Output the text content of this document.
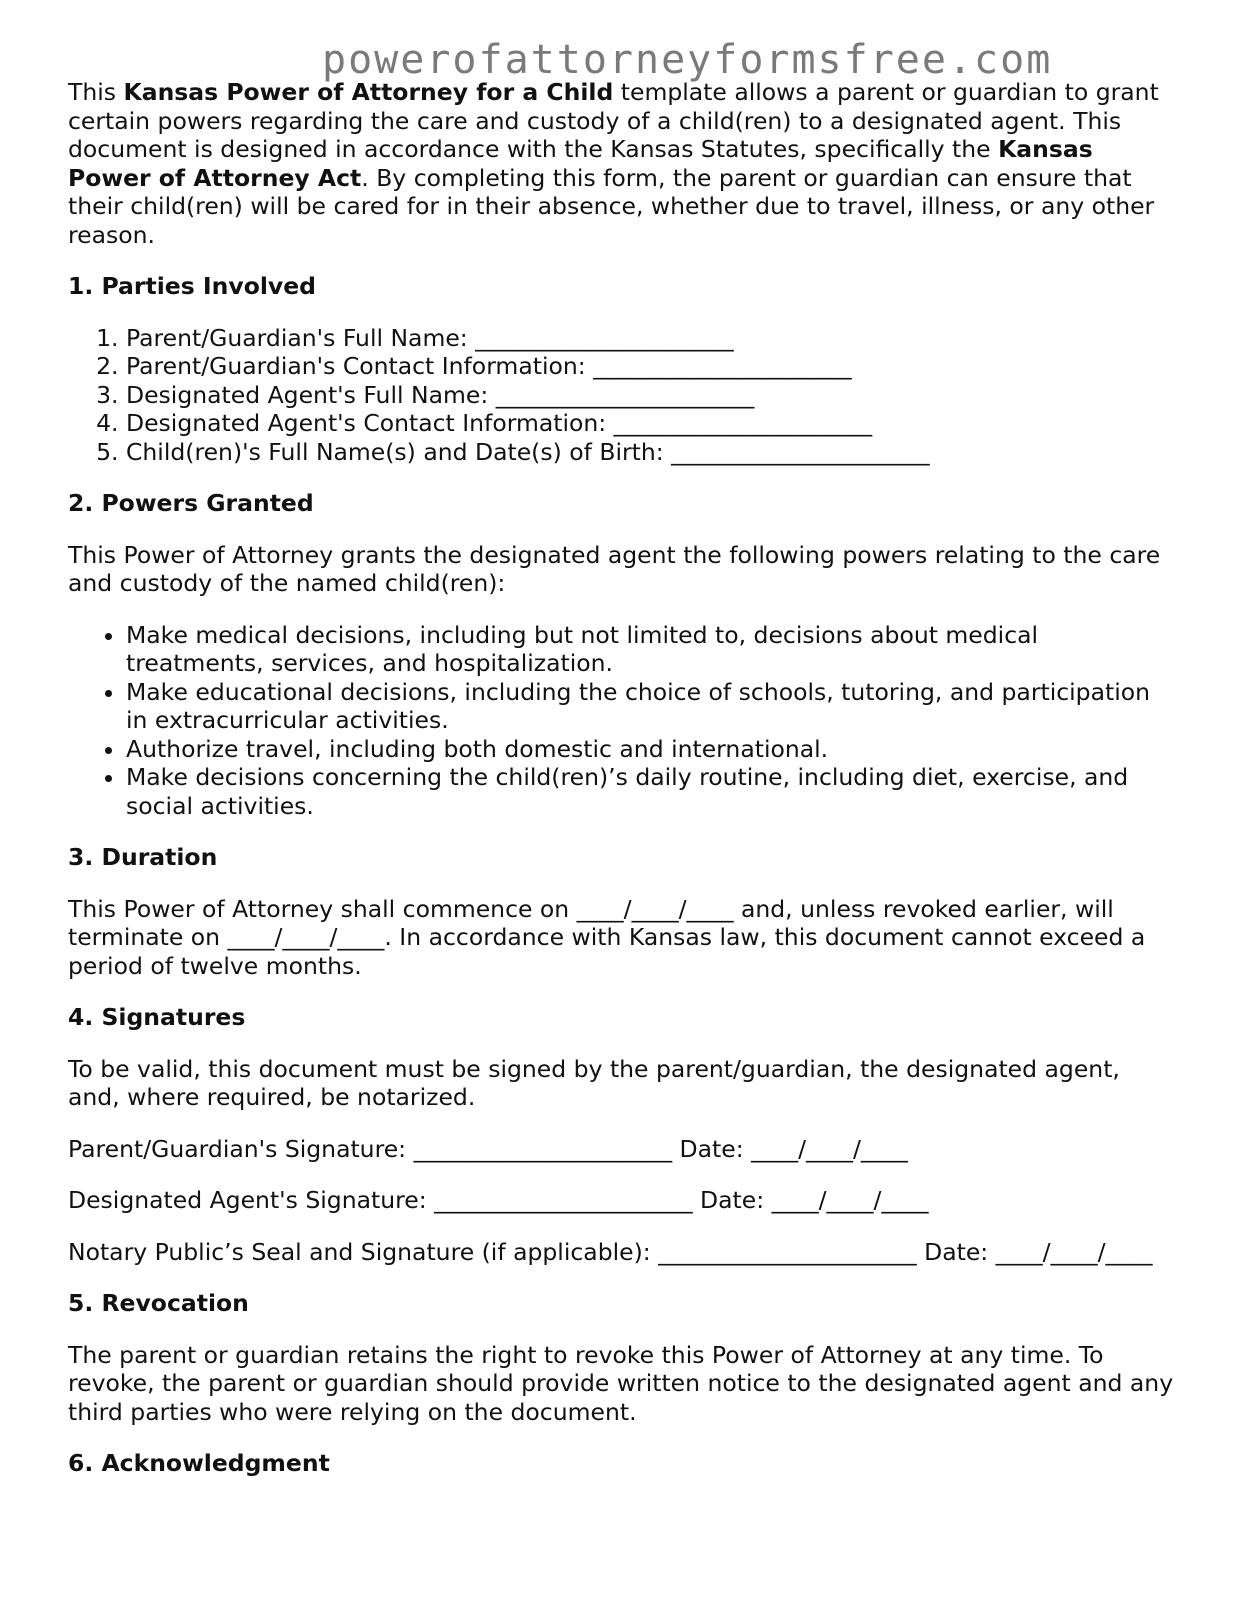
powerofattorneyformsfree.com

This Kansas Power of Attorney for a Child template allows a parent or guardian to grant certain powers regarding the care and custody of a child(ren) to a designated agent. This document is designed in accordance with the Kansas Statutes, specifically the Kansas Power of Attorney Act. By completing this form, the parent or guardian can ensure that their child(ren) will be cared for in their absence, whether due to travel, illness, or any other reason.

1. Parties Involved
1. Parent/Guardian's Full Name: ______________________
2. Parent/Guardian's Contact Information: ______________________
3. Designated Agent's Full Name: ______________________
4. Designated Agent's Contact Information: ______________________
5. Child(ren)'s Full Name(s) and Date(s) of Birth: ______________________
2. Powers Granted

This Power of Attorney grants the designated agent the following powers relating to the care and custody of the named child(ren):

• Make medical decisions, including but not limited to, decisions about medical treatments, services, and hospitalization.
• Make educational decisions, including the choice of schools, tutoring, and participation in extracurricular activities.
• Authorize travel, including both domestic and international.
• Make decisions concerning the child(ren)’s daily routine, including diet, exercise, and social activities.
3. Duration

This Power of Attorney shall commence on ____/____/____ and, unless revoked earlier, will terminate on ____/____/____. In accordance with Kansas law, this document cannot exceed a period of twelve months.

4. Signatures

To be valid, this document must be signed by the parent/guardian, the designated agent, and, where required, be notarized.

Parent/Guardian's Signature: ______________________ Date: ____/____/____

Designated Agent's Signature: ______________________ Date: ____/____/____

Notary Public’s Seal and Signature (if applicable): ______________________ Date: ____/____/____

5. Revocation

The parent or guardian retains the right to revoke this Power of Attorney at any time. To revoke, the parent or guardian should provide written notice to the designated agent and any third parties who were relying on the document.

6. Acknowledgment
